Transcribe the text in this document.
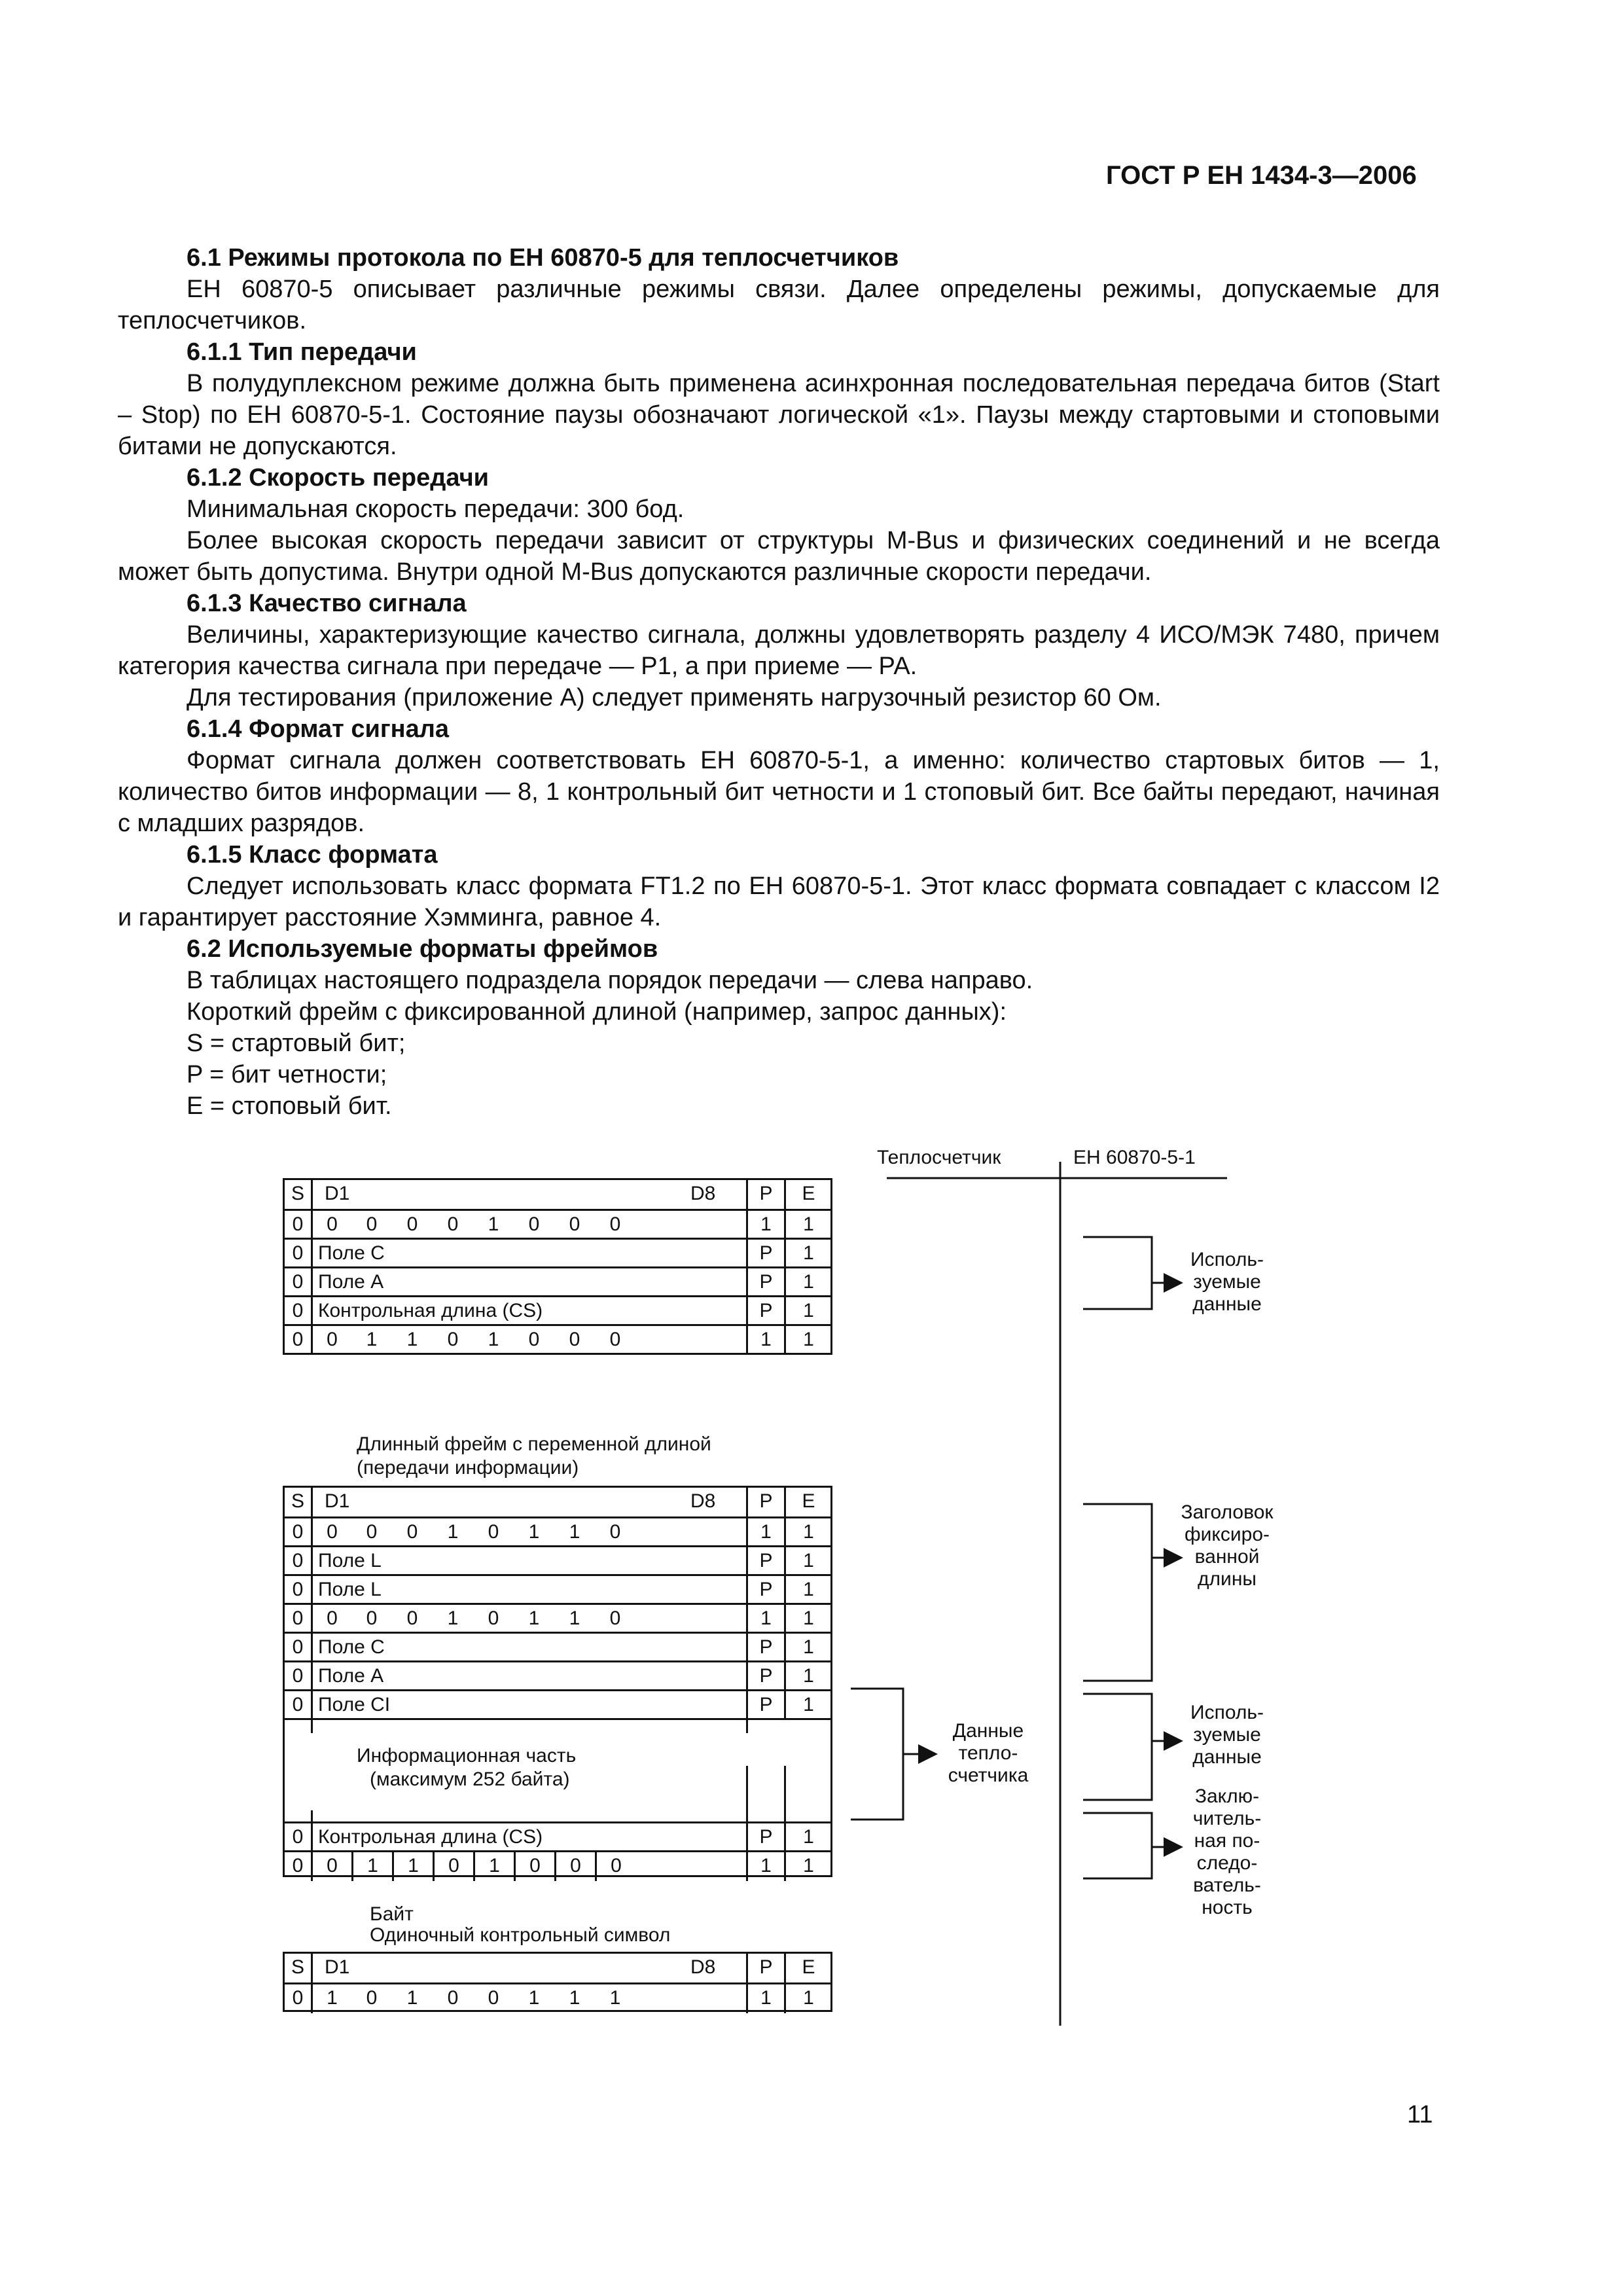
ГОСТ Р ЕН 1434-3—2006
6.1 Режимы протокола по ЕН 60870-5 для теплосчетчиков
ЕН 60870-5 описывает различные режимы связи. Далее определены режимы, допускаемые для теплосчетчиков.
6.1.1 Тип передачи
В полудуплексном режиме должна быть применена асинхронная последовательная передача битов (Start – Stop) по ЕН 60870-5-1. Состояние паузы обозначают логической «1». Паузы между стартовыми и стоповыми битами не допускаются.
6.1.2 Скорость передачи
Минимальная скорость передачи: 300 бод.
Более высокая скорость передачи зависит от структуры M-Bus и физических соединений и не всегда может быть допустима. Внутри одной M-Bus допускаются различные скорости передачи.
6.1.3 Качество сигнала
Величины, характеризующие качество сигнала, должны удовлетворять разделу 4 ИСО/МЭК 7480, причем категория качества сигнала при передаче — Р1, а при приеме — РА.
Для тестирования (приложение А) следует применять нагрузочный резистор 60 Ом.
6.1.4 Формат сигнала
Формат сигнала должен соответствовать ЕН 60870-5-1, а именно: количество стартовых битов — 1, количество битов информации — 8, 1 контрольный бит четности и 1 стоповый бит. Все байты передают, начиная с младших разрядов.
6.1.5 Класс формата
Следует использовать класс формата FT1.2 по ЕН 60870-5-1. Этот класс формата совпадает с классом I2 и гарантирует расстояние Хэмминга, равное 4.
6.2 Используемые форматы фреймов
В таблицах настоящего подраздела порядок передачи — слева направо.
Короткий фрейм с фиксированной длиной (например, запрос данных):
S = стартовый бит;
P = бит четности;
E = стоповый бит.
Теплосчетчик	ЕН 60870-5-1
S	D1	D8	P	E
0	0	0	0	0	1	0	0	0	1	1
0 Поле С	P	1
0 Поле А	P	1
0 Контрольная длина (CS)	P	1
0	0	1	1	0	1	0	0	0	1	1
Длинный фрейм с переменной длиной
(передачи информации)
S	D1	D8	P	E
0	0	0	0	1	0	1	1	0	1	1
0 Поле L	P	1
0 Поле L	P	1
0	0	0	0	1	0	1	1	0	1	1
0 Поле С	P	1
0 Поле А	P	1
0 Поле CI	P	1
Информационная часть
(максимум 252 байта)
0 Контрольная длина (CS)	P	1
0	0	1	1	0	1	0	0	0	1	1
Байт
Одиночный контрольный символ
S	D1	D8	P	E
0	1	0	1	0	0	1	1	1	1	1
Исполь-
зуемые
данные
Заголовок
фиксиро-
ванной
длины
Исполь-
зуемые
данные
Заклю-
читель-
ная по-
следо-
ватель-
ность
Данные
тепло-
счетчика
11
